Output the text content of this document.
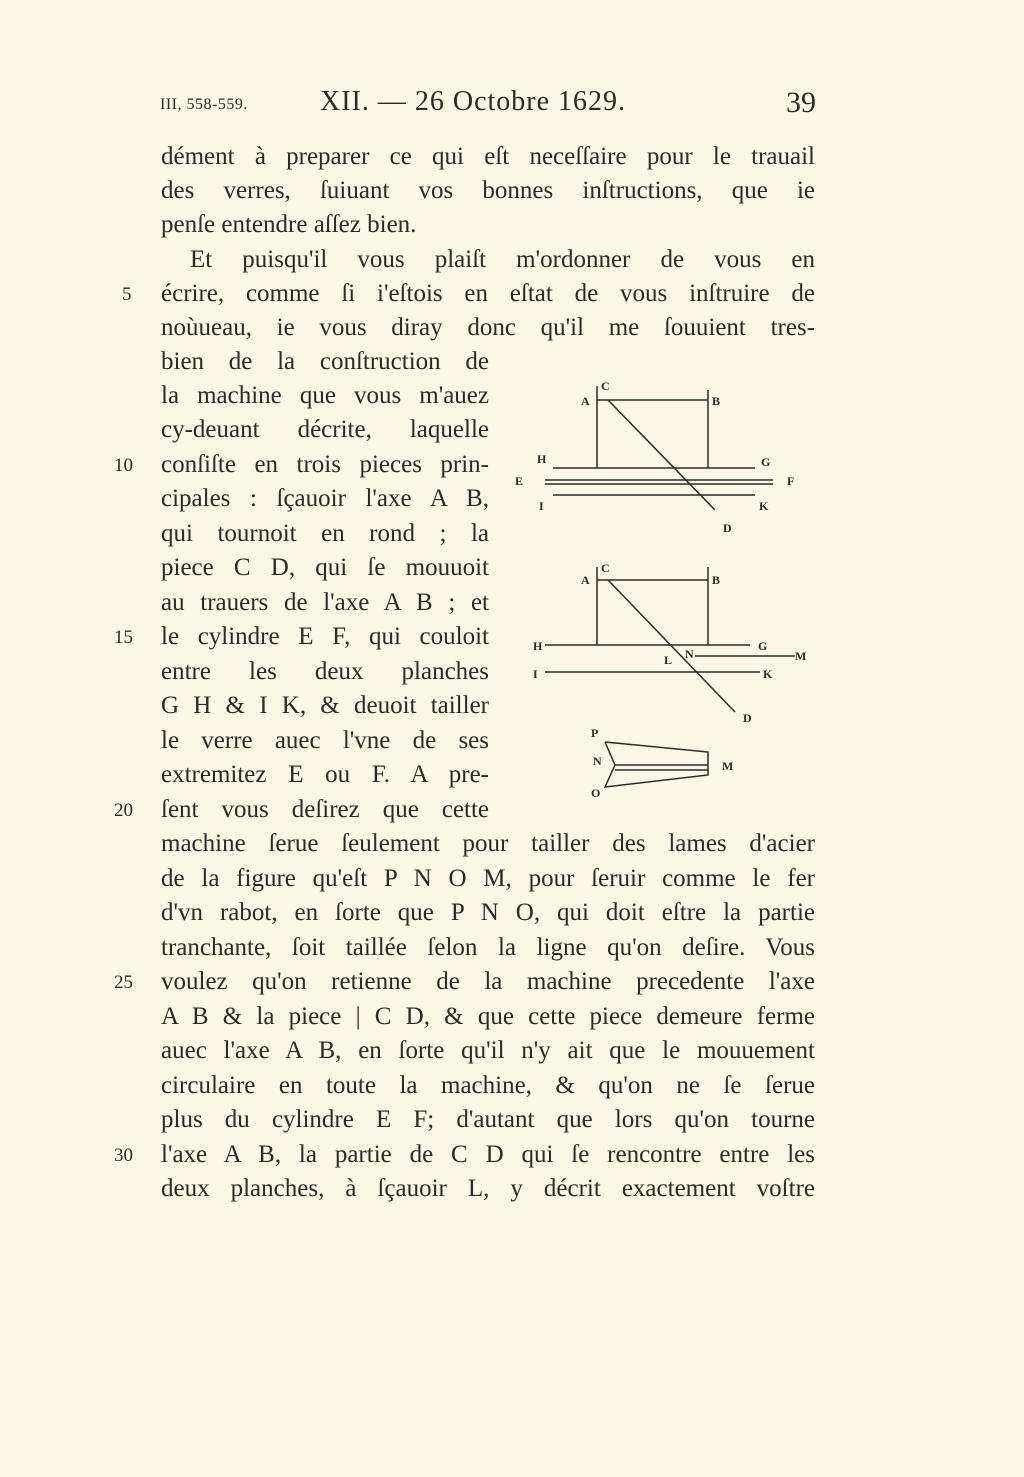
III, 558-559.	XII. — 26 Octobre 1629.	39
dément à preparer ce qui eſt neceſſaire pour le trauail
des verres, ſuiuant vos bonnes inſtructions, que ie
penſe entendre aſſez bien.
Et puisqu'il vous plaiſt m'ordonner de vous en
écrire, comme ſi i'eſtois en eſtat de vous inſtruire de
noùueau, ie vous diray donc qu'il me ſouuient tres-
bien de la conſtruction de
la machine que vous m'auez
cy-deuant décrite, laquelle
conſiſte en trois pieces prin-
cipales : ſçauoir l'axe A B,
qui tournoit en rond ; la
piece C D, qui ſe mouuoit
au trauers de l'axe A B ; et
le cylindre E F, qui couloit
entre les deux planches
G H & I K, & deuoit tailler
le verre auec l'vne de ses
extremitez E ou F. A pre-
ſent vous deſirez que cette
machine ſerue ſeulement pour tailler des lames d'acier
de la figure qu'eſt P N O M, pour ſeruir comme le fer
d'vn rabot, en ſorte que P N O, qui doit eſtre la partie
tranchante, ſoit taillée ſelon la ligne qu'on deſire. Vous
voulez qu'on retienne de la machine precedente l'axe
A B & la piece | C D, & que cette piece demeure ferme
auec l'axe A B, en ſorte qu'il n'y ait que le mouuement
circulaire en toute la machine, & qu'on ne ſe ſerue
plus du cylindre E F; d'autant que lors qu'on tourne
l'axe A B, la partie de C D qui ſe rencontre entre les
deux planches, à ſçauoir L, y décrit exactement voſtre
5
10
15
20
25
30
A
C
B
H	G
E	F
I	K
D
A
C
B
H	G
M
L N
I	K
D
P
N	M
O
